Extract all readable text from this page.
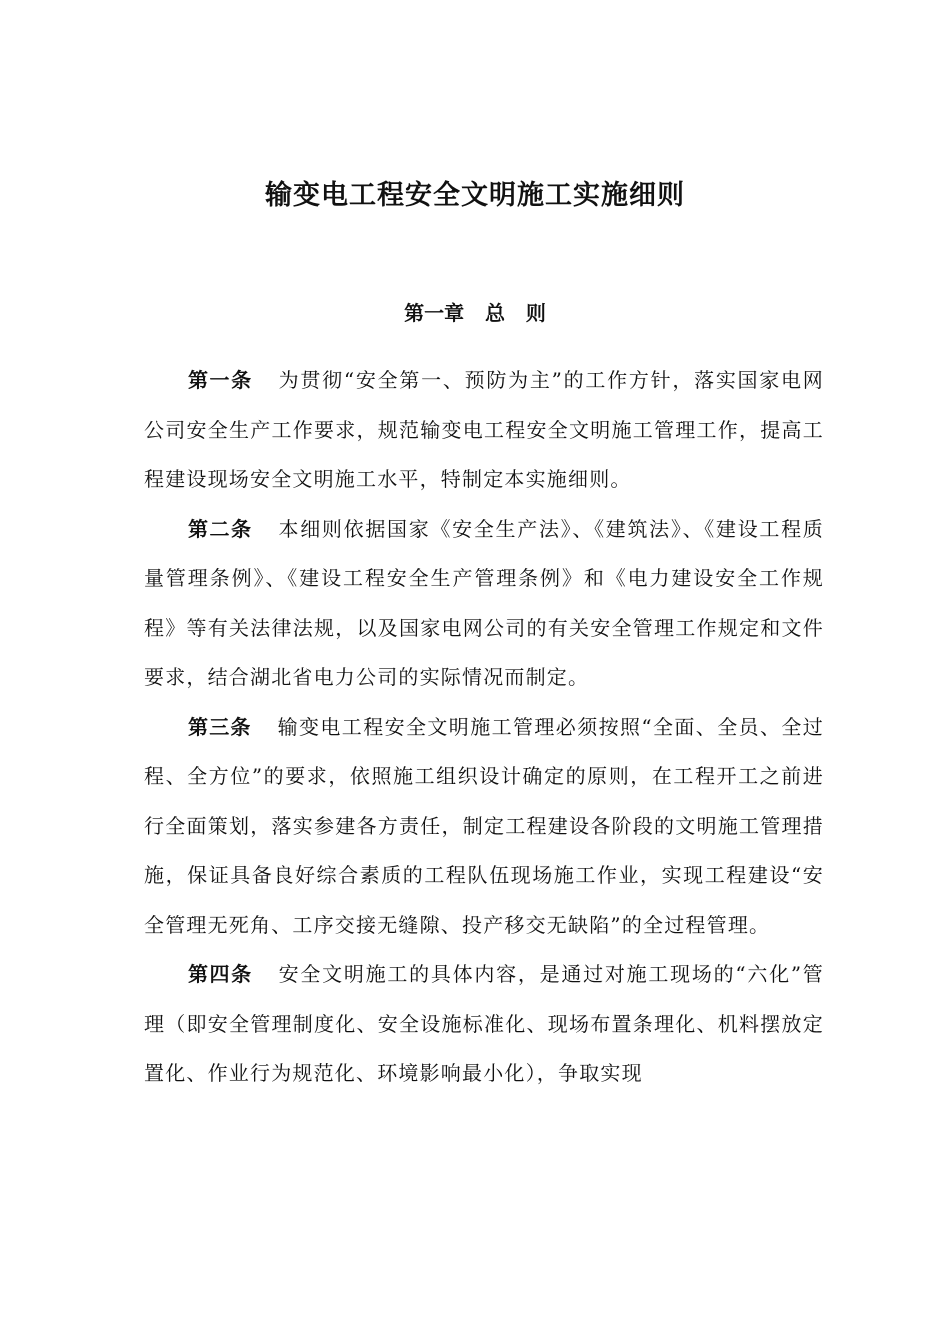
输变电工程安全文明施工实施细则
第一章   总   则

第一条 为贯彻“安全第一、预防为主”的工作方针，落实国家电网公司安全生产工作要求，规范输变电工程安全文明施工管理工作，提高工程建设现场安全文明施工水平，特制定本实施细则。

第二条 本细则依据国家《安全生产法》、《建筑法》、《建设工程质量管理条例》、《建设工程安全生产管理条例》和《电力建设安全工作规程》等有关法律法规，以及国家电网公司的有关安全管理工作规定和文件要求，结合湖北省电力公司的实际情况而制定。

第三条 输变电工程安全文明施工管理必须按照“全面、全员、全过程、全方位”的要求，依照施工组织设计确定的原则，在工程开工之前进行全面策划，落实参建各方责任，制定工程建设各阶段的文明施工管理措施，保证具备良好综合素质的工程队伍现场施工作业，实现工程建设“安全管理无死角、工序交接无缝隙、投产移交无缺陷”的全过程管理。

第四条 安全文明施工的具体内容，是通过对施工现场的“六化”管理（即安全管理制度化、安全设施标准化、现场布置条理化、机料摆放定置化、作业行为规范化、环境影响最小化），争取实现
